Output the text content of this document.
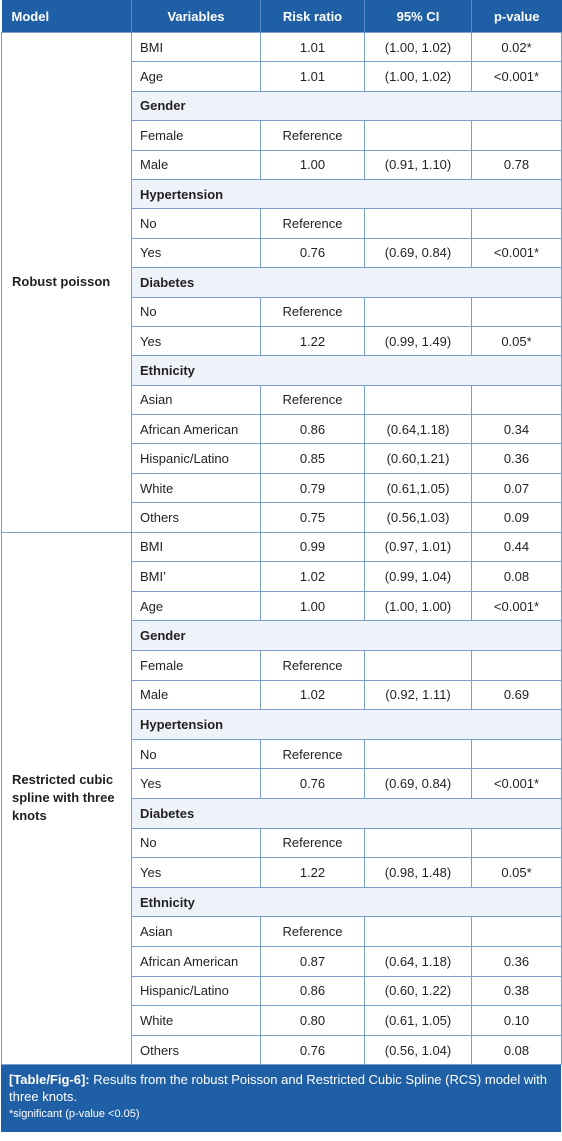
Model	Variables	Risk ratio	95% CI	p-value
Robust poisson	BMI	1.01	(1.00, 1.02)	0.02*
	Age	1.01	(1.00, 1.02)	<0.001*
	Gender			
	Female	Reference		
	Male	1.00	(0.91, 1.10)	0.78
	Hypertension			
	No	Reference		
	Yes	0.76	(0.69, 0.84)	<0.001*
	Diabetes			
	No	Reference		
	Yes	1.22	(0.99, 1.49)	0.05*
	Ethnicity			
	Asian	Reference		
	African American	0.86	(0.64,1.18)	0.34
	Hispanic/Latino	0.85	(0.60,1.21)	0.36
	White	0.79	(0.61,1.05)	0.07
	Others	0.75	(0.56,1.03)	0.09
Restricted cubic spline with three knots	BMI	0.99	(0.97, 1.01)	0.44
	BMI’	1.02	(0.99, 1.04)	0.08
	Age	1.00	(1.00, 1.00)	<0.001*
	Gender			
	Female	Reference		
	Male	1.02	(0.92, 1.11)	0.69
	Hypertension			
	No	Reference		
	Yes	0.76	(0.69, 0.84)	<0.001*
	Diabetes			
	No	Reference		
	Yes	1.22	(0.98, 1.48)	0.05*
	Ethnicity			
	Asian	Reference		
	African American	0.87	(0.64, 1.18)	0.36
	Hispanic/Latino	0.86	(0.60, 1.22)	0.38
	White	0.80	(0.61, 1.05)	0.10
	Others	0.76	(0.56, 1.04)	0.08
[Table/Fig-6]: Results from the robust Poisson and Restricted Cubic Spline (RCS) model with three knots.
*significant (p-value <0.05)
